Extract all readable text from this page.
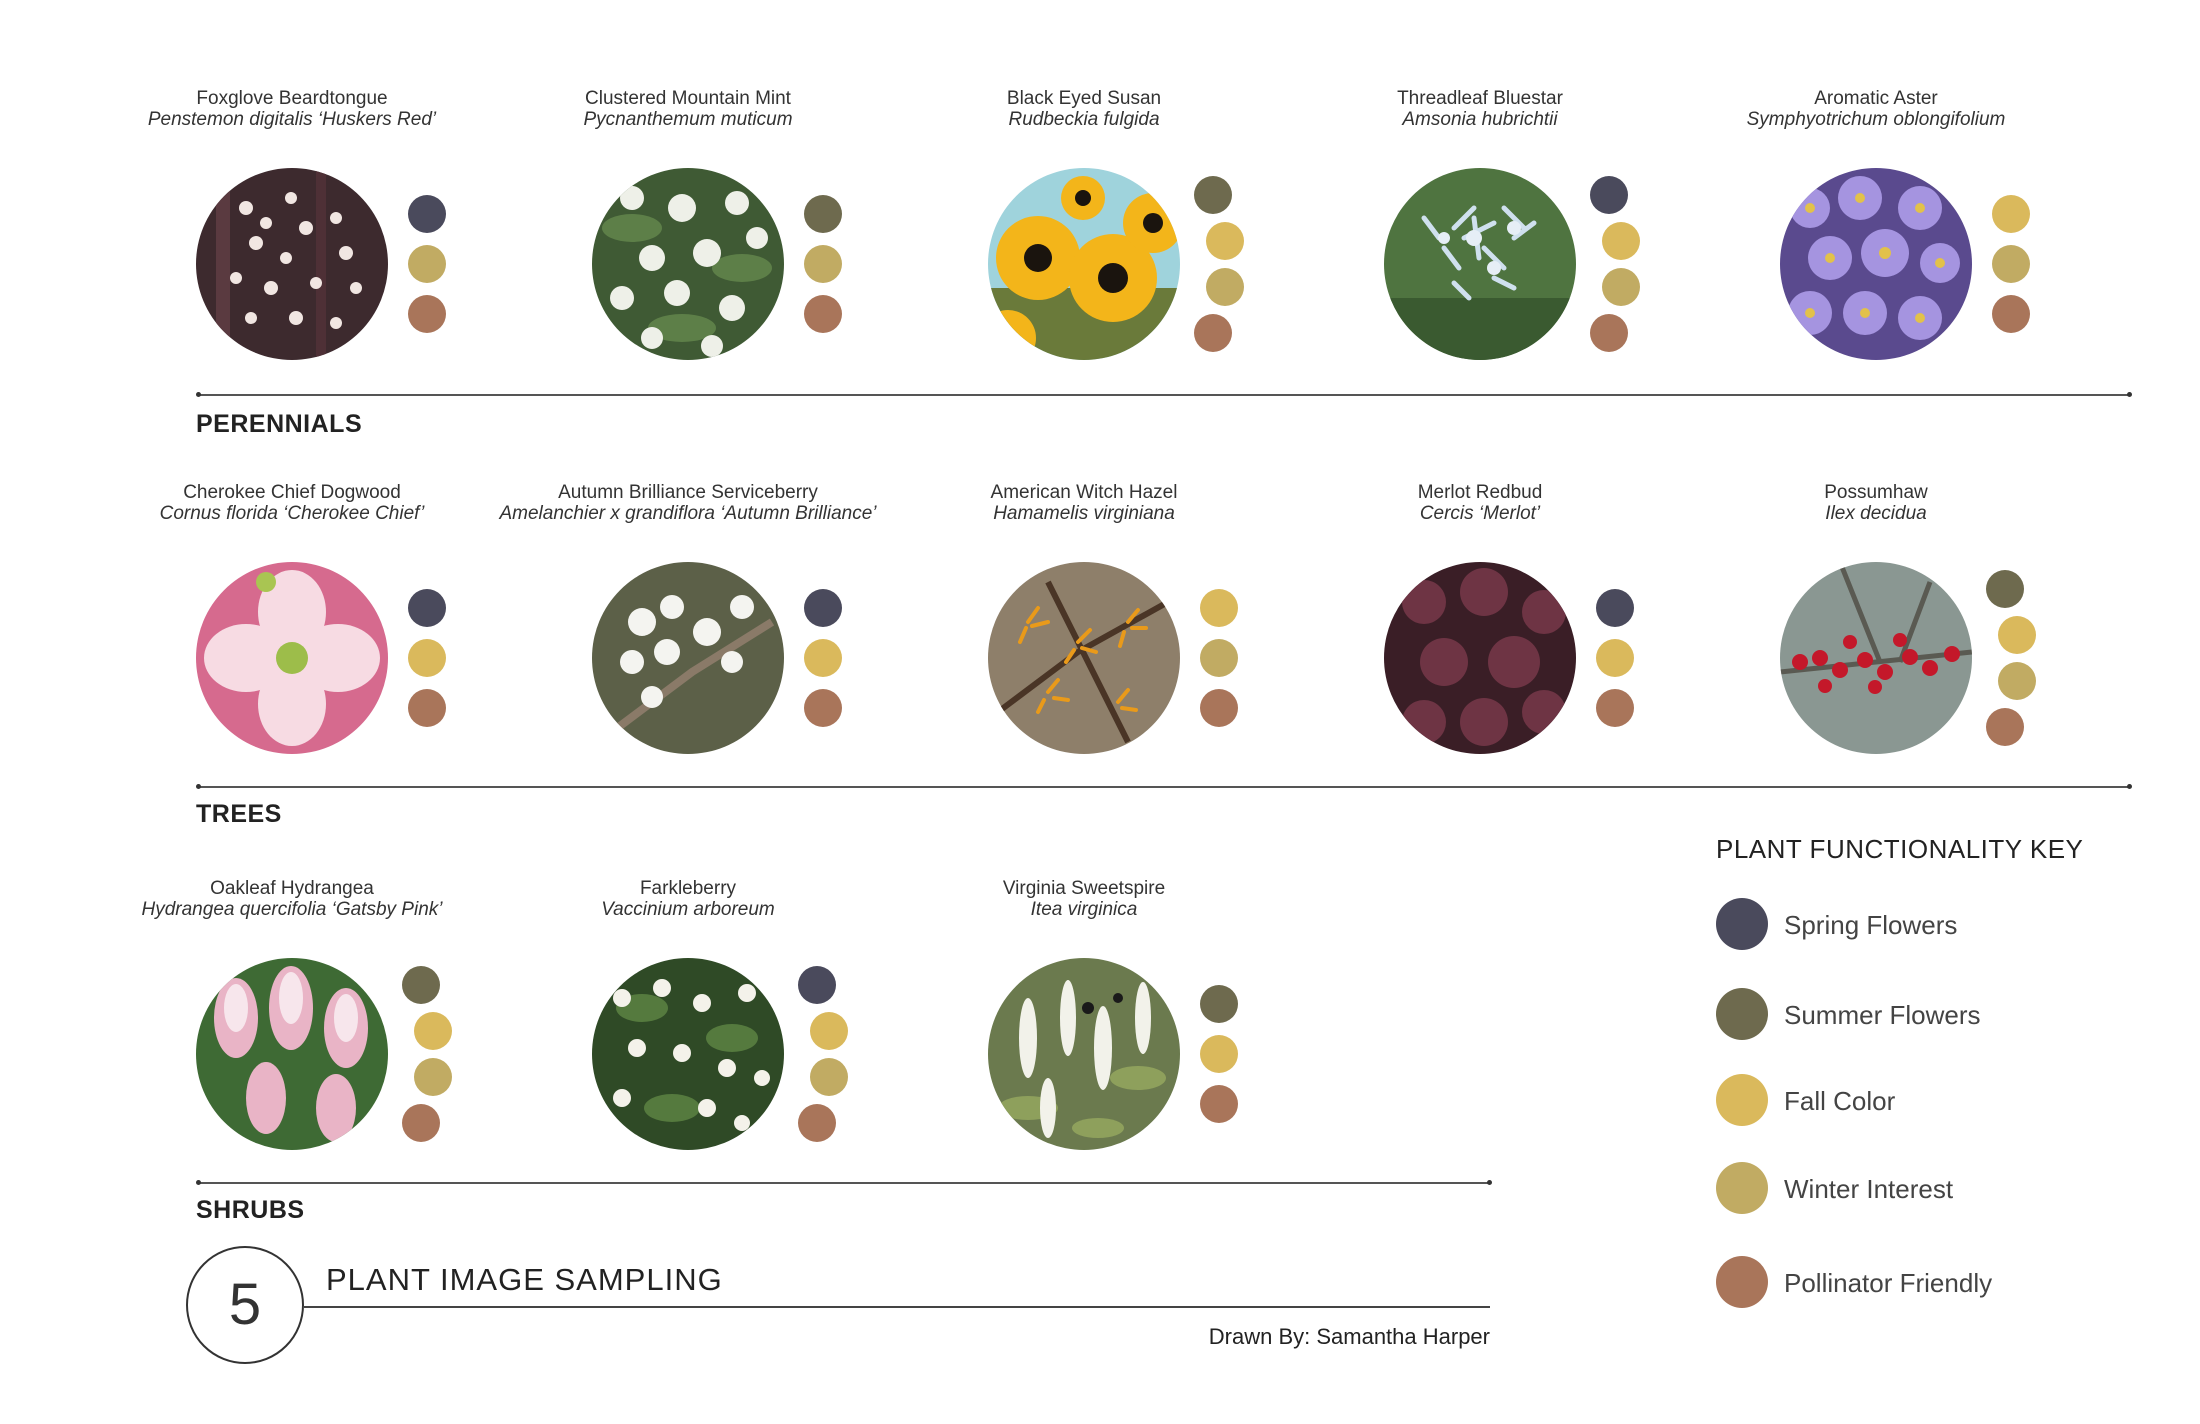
Foxglove Beardtongue
Penstemon digitalis ‘Huskers Red’
Clustered Mountain Mint
Pycnanthemum muticum
Black Eyed Susan
Rudbeckia fulgida
Threadleaf Bluestar
Amsonia hubrichtii
Aromatic Aster
Symphyotrichum oblongifolium
PERENNIALS
Cherokee Chief Dogwood
Cornus florida ‘Cherokee Chief’
Autumn Brilliance Serviceberry
Amelanchier x grandiflora ‘Autumn Brilliance’
American Witch Hazel
Hamamelis virginiana
Merlot Redbud
Cercis ‘Merlot’
Possumhaw
Ilex decidua
TREES
Oakleaf Hydrangea
Hydrangea quercifolia ‘Gatsby Pink’
Farkleberry
Vaccinium arboreum
Virginia Sweetspire
Itea virginica
SHRUBS
PLANT FUNCTIONALITY KEY
Spring Flowers
Summer Flowers
Fall Color
Winter Interest
Pollinator Friendly
5	PLANT IMAGE SAMPLING
Drawn By: Samantha Harper
